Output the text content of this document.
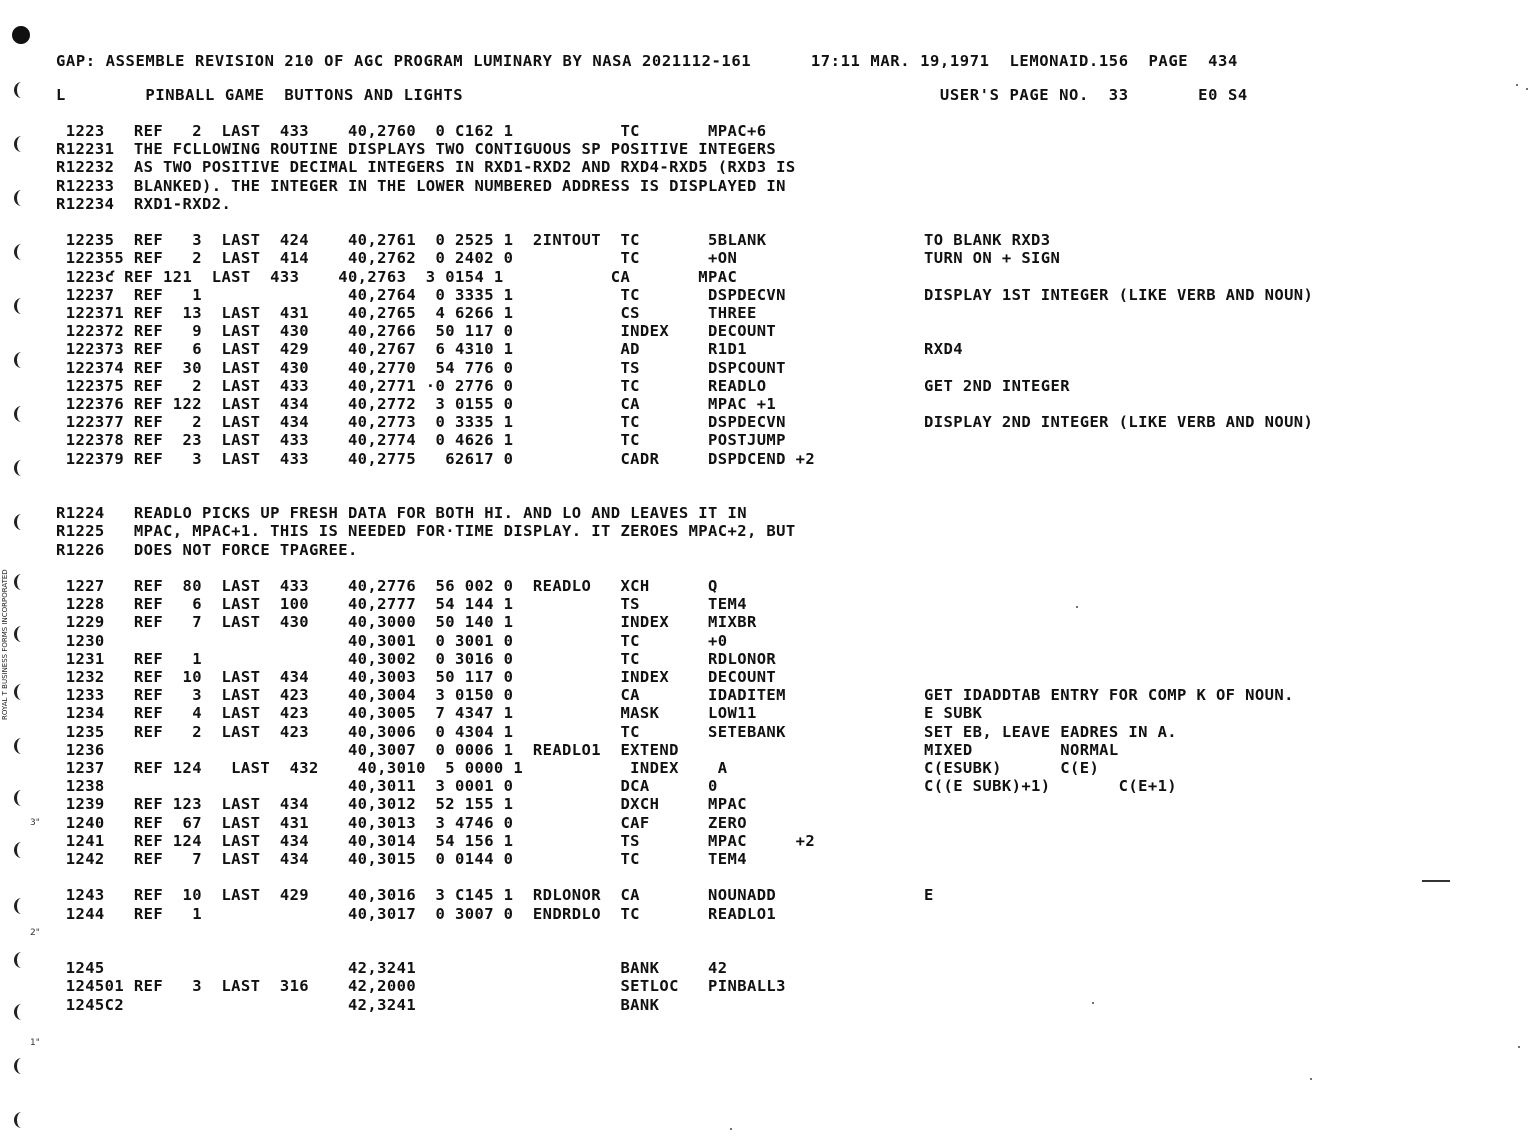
GAP: ASSEMBLE REVISION 210 OF AGC PROGRAM LUMINARY BY NASA 2021112-161      17:11 MAR. 19,1971  LEMONAID.156  PAGE  434
L        PINBALL GAME  BUTTONS AND LIGHTS                                                USER'S PAGE NO.  33       E0 S4
1223   REF   2  LAST  433    40,2760  0 C162 1           TC       MPAC+6
R12231  THE FCLLOWING ROUTINE DISPLAYS TWO CONTIGUOUS SP POSITIVE INTEGERS
R12232  AS TWO POSITIVE DECIMAL INTEGERS IN RXD1-RXD2 AND RXD4-RXD5 (RXD3 IS
R12233  BLANKED). THE INTEGER IN THE LOWER NUMBERED ADDRESS IS DISPLAYED IN
R12234  RXD1-RXD2.
12235  REF   3  LAST  424    40,2761  0 2525 1  2INTOUT  TC       5BLANK	TO BLANK RXD3
122355 REF   2  LAST  414    40,2762  0 2402 0           TC       +ON	TURN ON + SIGN
1223ƈ REF 121  LAST  433    40,2763  3 0154 1           CA       MPAC
12237  REF   1               40,2764  0 3335 1           TC       DSPDECVN	DISPLAY 1ST INTEGER (LIKE VERB AND NOUN)
122371 REF  13  LAST  431    40,2765  4 6266 1           CS       THREE
122372 REF   9  LAST  430    40,2766  50 117 0           INDEX    DECOUNT
122373 REF   6  LAST  429    40,2767  6 4310 1           AD       R1D1	RXD4
122374 REF  30  LAST  430    40,2770  54 776 0           TS       DSPCOUNT
122375 REF   2  LAST  433    40,2771 ·0 2776 0           TC       READLO	GET 2ND INTEGER
122376 REF 122  LAST  434    40,2772  3 0155 0           CA       MPAC +1
122377 REF   2  LAST  434    40,2773  0 3335 1           TC       DSPDECVN	DISPLAY 2ND INTEGER (LIKE VERB AND NOUN)
122378 REF  23  LAST  433    40,2774  0 4626 1           TC       POSTJUMP
122379 REF   3  LAST  433    40,2775   62617 0           CADR     DSPDCEND +2
R1224   READLO PICKS UP FRESH DATA FOR BOTH HI. AND LO AND LEAVES IT IN
R1225   MPAC, MPAC+1. THIS IS NEEDED FOR·TIME DISPLAY. IT ZEROES MPAC+2, BUT
R1226   DOES NOT FORCE TPAGREE.
1227   REF  80  LAST  433    40,2776  56 002 0  READLO   XCH      Q
1228   REF   6  LAST  100    40,2777  54 144 1           TS       TEM4
1229   REF   7  LAST  430    40,3000  50 140 1           INDEX    MIXBR
1230                         40,3001  0 3001 0           TC       +0
1231   REF   1               40,3002  0 3016 0           TC       RDLONOR
1232   REF  10  LAST  434    40,3003  50 117 0           INDEX    DECOUNT
1233   REF   3  LAST  423    40,3004  3 0150 0           CA       IDADITEM	GET IDADDTAB ENTRY FOR COMP K OF NOUN.
1234   REF   4  LAST  423    40,3005  7 4347 1           MASK     LOW11	E SUBK
1235   REF   2  LAST  423    40,3006  0 4304 1           TC       SETEBANK	SET EB, LEAVE EADRES IN A.
1236                         40,3007  0 0006 1  READLO1  EXTEND	MIXED         NORMAL
1237   REF 124   LAST  432    40,3010  5 0000 1           INDEX    A	C(ESUBK)      C(E)
1238                         40,3011  3 0001 0           DCA      0	C((E SUBK)+1)       C(E+1)
1239   REF 123  LAST  434    40,3012  52 155 1           DXCH     MPAC
1240   REF  67  LAST  431    40,3013  3 4746 0           CAF      ZERO
1241   REF 124  LAST  434    40,3014  54 156 1           TS       MPAC     +2
1242   REF   7  LAST  434    40,3015  0 0144 0           TC       TEM4
1243   REF  10  LAST  429    40,3016  3 C145 1  RDLONOR  CA       NOUNADD	E
1244   REF   1               40,3017  0 3007 0  ENDRDLO  TC       READLO1
1245                         42,3241                     BANK     42
124501 REF   3  LAST  316    42,2000                     SETLOC   PINBALL3
1245C2                       42,3241                     BANK
ROYAL T BUSINESS FORMS INCORPORATED
3"
2"
1"
